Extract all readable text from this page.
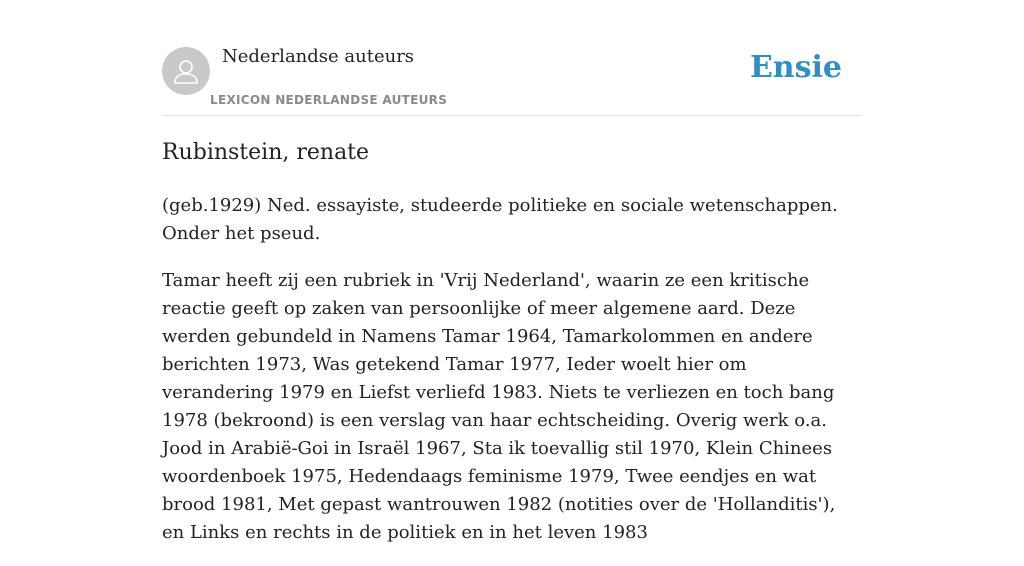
Nederlandse auteurs
LEXICON NEDERLANDSE AUTEURS
Ensie
Rubinstein, renate

(geb.1929) Ned. essayiste, studeerde politieke en sociale wetenschappen. Onder het pseud.

Tamar heeft zij een rubriek in 'Vrij Nederland', waarin ze een kritische reactie geeft op zaken van persoonlijke of meer algemene aard. Deze werden gebundeld in Namens Tamar 1964, Tamarkolommen en andere berichten 1973, Was getekend Tamar 1977, Ieder woelt hier om verandering 1979 en Liefst verliefd 1983. Niets te verliezen en toch bang 1978 (bekroond) is een verslag van haar echtscheiding. Overig werk o.a. Jood in Arabië-Goi in Israël 1967, Sta ik toevallig stil 1970, Klein Chinees woordenboek 1975, Hedendaags feminisme 1979, Twee eendjes en wat brood 1981, Met gepast wantrouwen 1982 (notities over de 'Hollanditis'), en Links en rechts in de politiek en in het leven 1983
